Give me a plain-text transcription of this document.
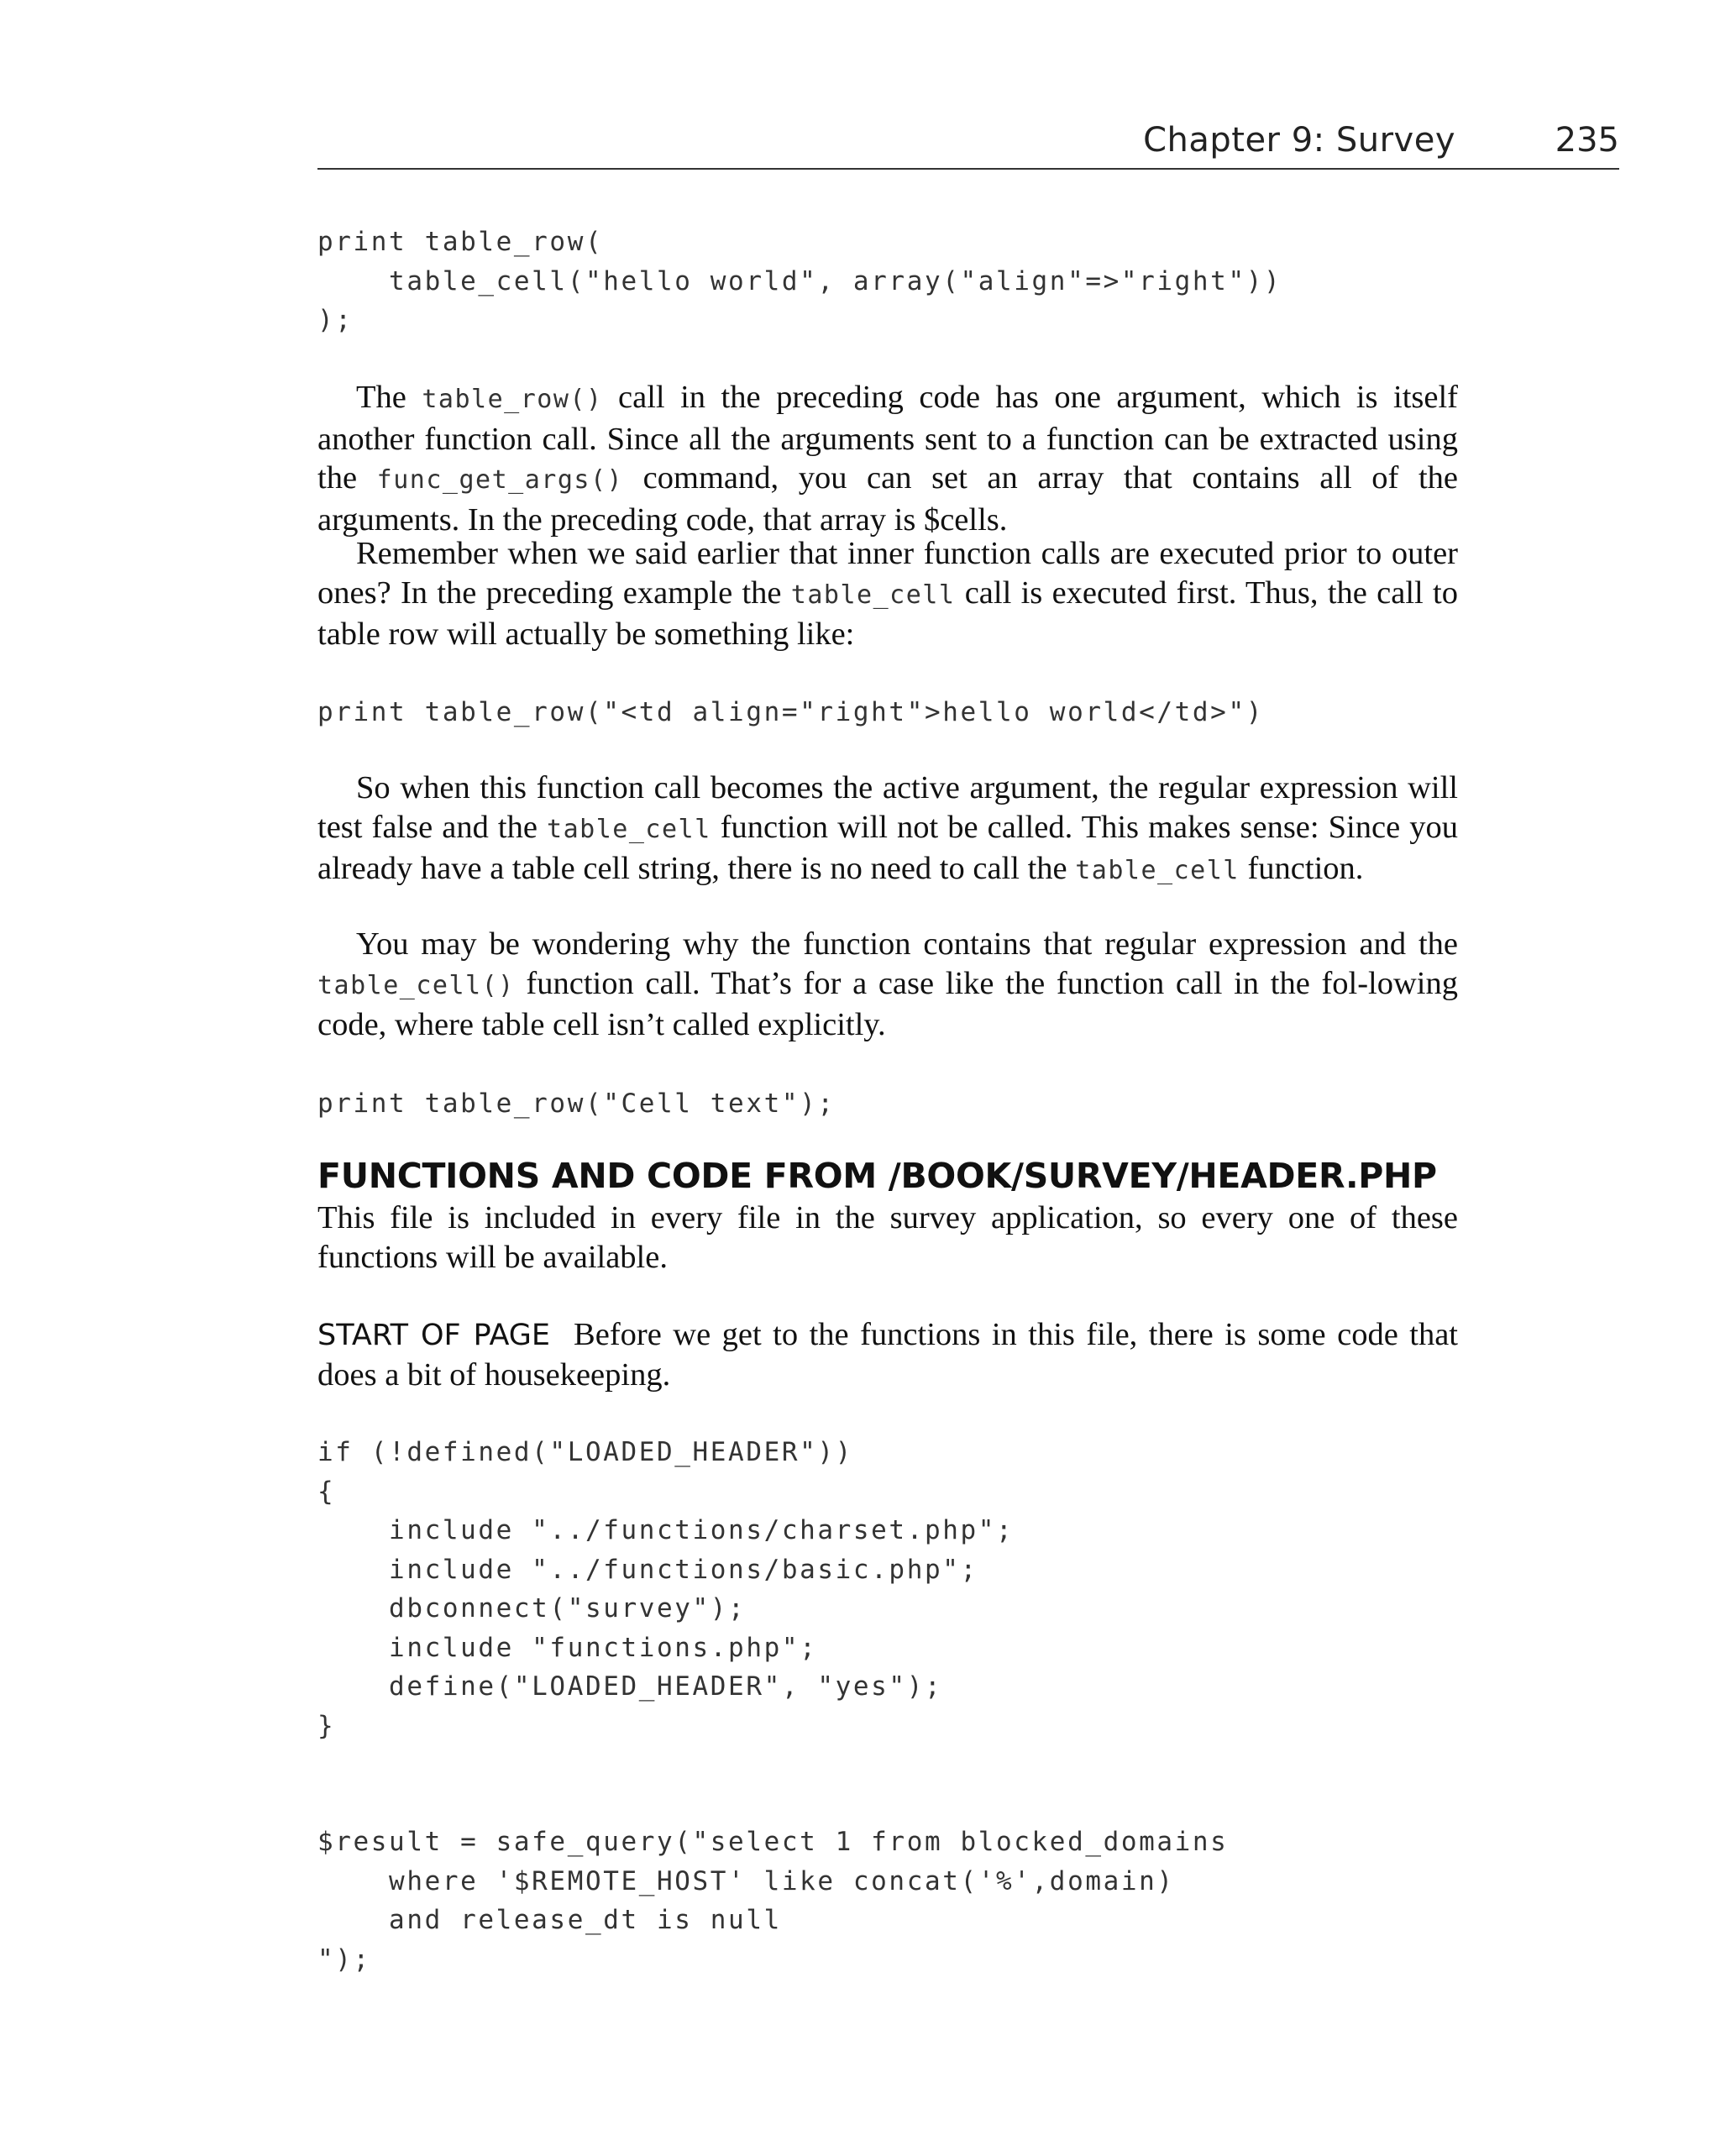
Chapter 9: Survey	235
print table_row(
table_cell("hello world", array("align"=>"right"))
);

The table_row() call in the preceding code has one argument, which is itself another function call. Since all the arguments sent to a function can be extracted using the func_get_args() command, you can set an array that contains all of the arguments. In the preceding code, that array is $cells.

Remember when we said earlier that inner function calls are executed prior to outer ones? In the preceding example the table_cell call is executed first. Thus, the call to table row will actually be something like:

print table_row("<td align="right">hello world</td>")

So when this function call becomes the active argument, the regular expression will test false and the table_cell function will not be called. This makes sense: Since you already have a table cell string, there is no need to call the table_cell function.

You may be wondering why the function contains that regular expression and the table_cell() function call. That’s for a case like the function call in the fol-lowing code, where table cell isn’t called explicitly.

print table_row("Cell text");
FUNCTIONS AND CODE FROM /BOOK/SURVEY/HEADER.PHP

This file is included in every file in the survey application, so every one of these functions will be available.

START OF PAGE Before we get to the functions in this file, there is some code that does a bit of housekeeping.

if (!defined("LOADED_HEADER"))
{
include "../functions/charset.php";
include "../functions/basic.php";
dbconnect("survey");
include "functions.php";
define("LOADED_HEADER", "yes");
}
$result = safe_query("select 1 from blocked_domains
where '$REMOTE_HOST' like concat('%',domain)
and release_dt is null
");
